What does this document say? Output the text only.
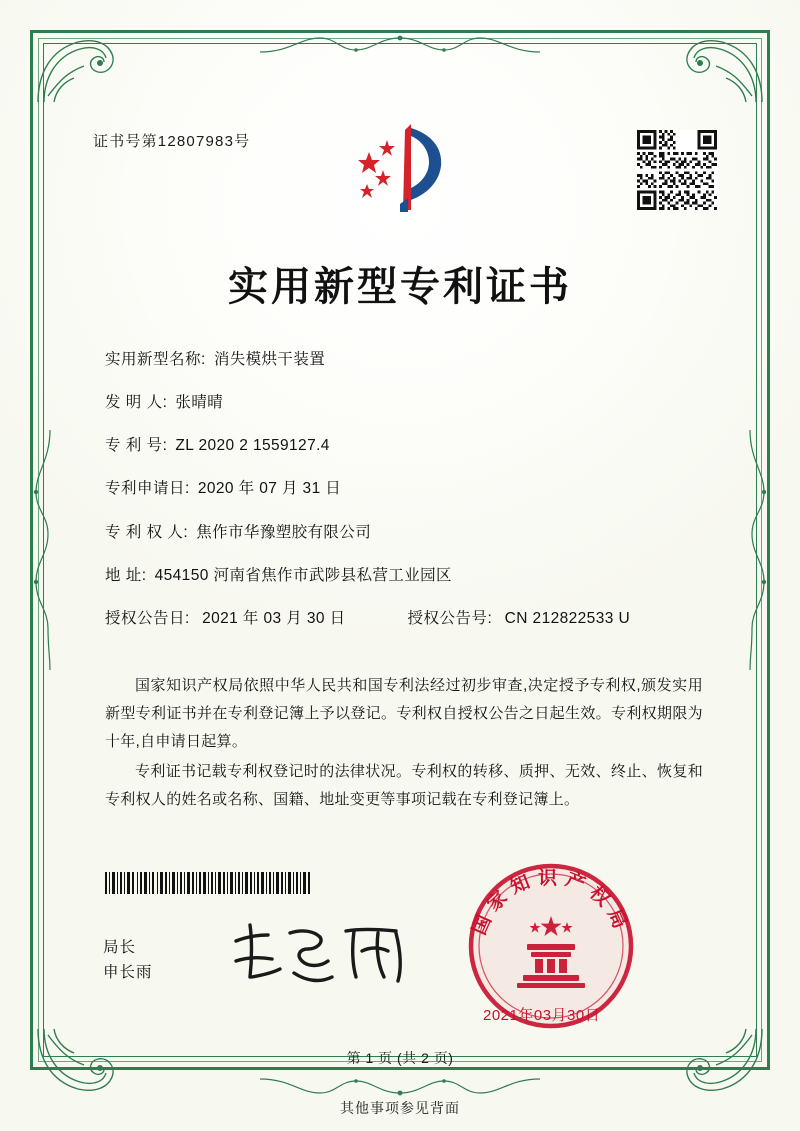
证书号第12807983号
实用新型专利证书
实用新型名称: 消失模烘干装置
发 明 人: 张晴晴
专 利 号: ZL 2020 2 1559127.4
专利申请日: 2020 年 07 月 31 日
专 利 权 人: 焦作市华豫塑胶有限公司
地 址: 454150 河南省焦作市武陟县私营工业园区
授权公告日: 2021 年 03 月 30 日	授权公告号: CN 212822533 U

国家知识产权局依照中华人民共和国专利法经过初步审查,决定授予专利权,颁发实用新型专利证书并在专利登记簿上予以登记。专利权自授权公告之日起生效。专利权期限为十年,自申请日起算。

专利证书记载专利权登记时的法律状况。专利权的转移、质押、无效、终止、恢复和专利权人的姓名或名称、国籍、地址变更等事项记载在专利登记簿上。

局长
申长雨
国家知识产权局
2021年03月30日
第 1 页 (共 2 页)
其他事项参见背面
